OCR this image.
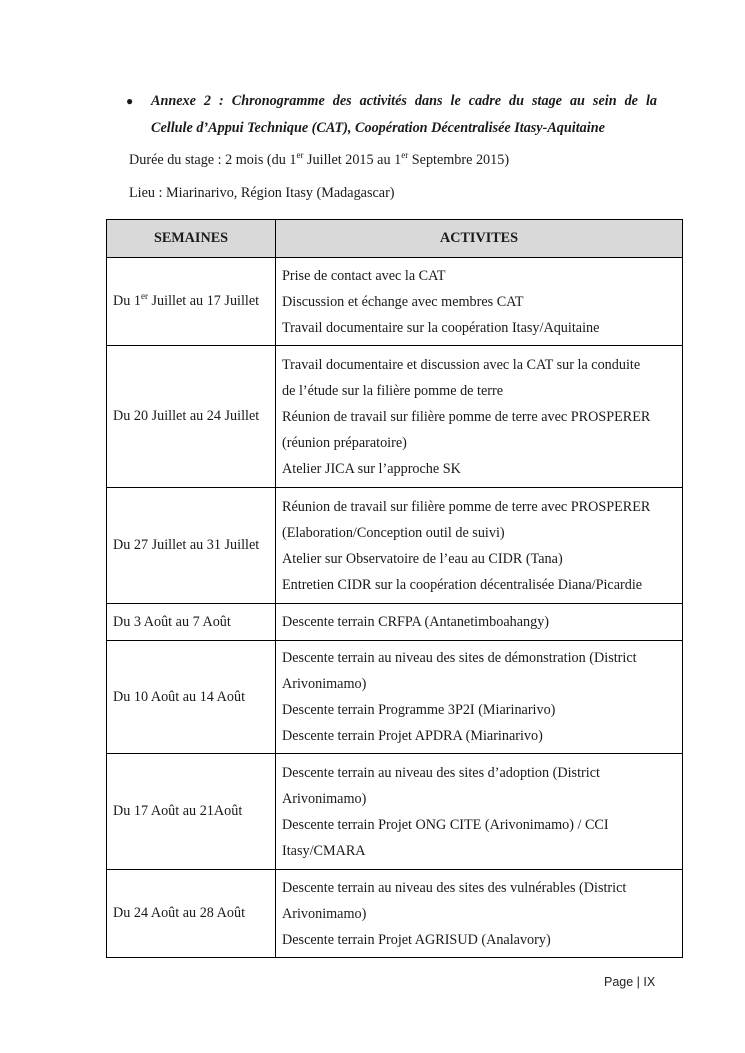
● Annexe 2 : Chronogramme des activités dans le cadre du stage au sein de la
Cellule d’Appui Technique (CAT), Coopération Décentralisée Itasy-Aquitaine
Durée du stage : 2 mois (du 1er Juillet 2015 au 1er Septembre 2015)
Lieu : Miarinarivo, Région Itasy (Madagascar)
SEMAINES	ACTIVITES
Du 1er Juillet au 17 Juillet	Prise de contact avec la CAT
Discussion et échange avec membres CAT
Travail documentaire sur la coopération Itasy/Aquitaine

Du 20 Juillet au 24 Juillet	Travail documentaire et discussion avec la CAT sur la conduite
de l’étude sur la filière pomme de terre
Réunion de travail sur filière pomme de terre avec PROSPERER
(réunion préparatoire)
Atelier JICA sur l’approche SK

Du 27 Juillet au 31 Juillet	Réunion de travail sur filière pomme de terre avec PROSPERER
(Elaboration/Conception outil de suivi)
Atelier sur Observatoire de l’eau au CIDR (Tana)
Entretien CIDR sur la coopération décentralisée Diana/Picardie

Du 3 Août au 7 Août	Descente terrain CRFPA (Antanetimboahangy)

Du 10 Août au 14 Août	Descente terrain au niveau des sites de démonstration (District
Arivonimamo)
Descente terrain Programme 3P2I (Miarinarivo)
Descente terrain Projet APDRA (Miarinarivo)

Du 17 Août au 21Août	Descente terrain au niveau des sites d’adoption (District
Arivonimamo)
Descente terrain Projet ONG CITE (Arivonimamo) / CCI
Itasy/CMARA

Du 24 Août au 28 Août	Descente terrain au niveau des sites des vulnérables (District
Arivonimamo)
Descente terrain Projet AGRISUD (Analavory)
Page | IX
